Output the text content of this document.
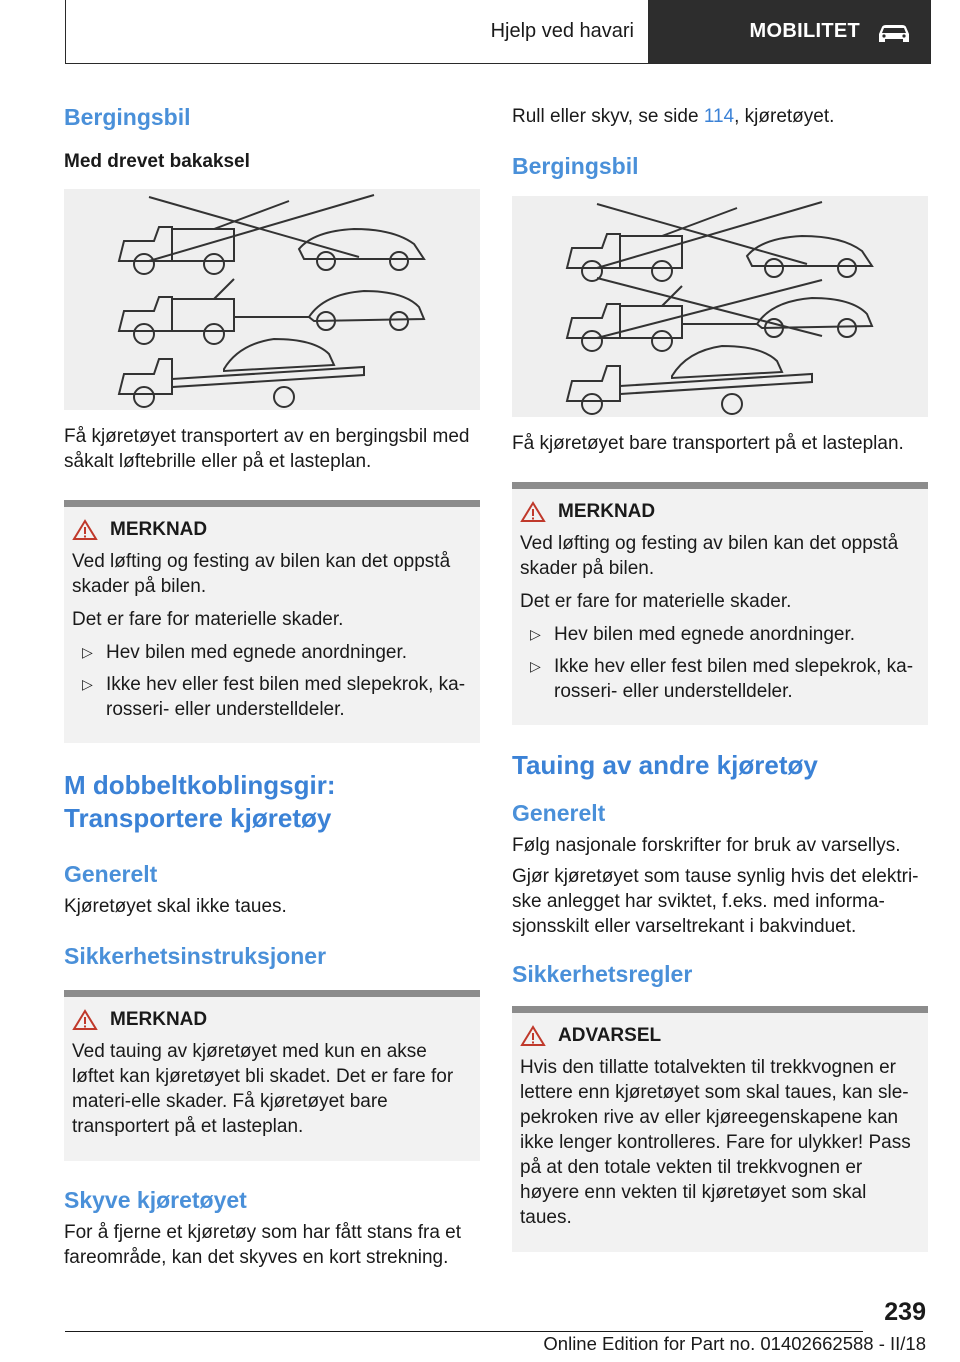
Hjelp ved havari	MOBILITET
Bergingsbil
Med drevet bakaksel

Få kjøretøyet transportert av en bergingsbil med såkalt løftebrille eller på et lasteplan.

MERKNAD

Ved løfting og festing av bilen kan det oppstå skader på bilen.

Det er fare for materielle skader.

▷ Hev bilen med egnede anordninger.
▷ Ikke hev eller fest bilen med slepekrok, ka-rosseri- eller understelldeler.
M dobbeltkoblingsgir: Transportere kjøretøy
Generelt

Kjøretøyet skal ikke taues.

Sikkerhetsinstruksjoner
MERKNAD

Ved tauing av kjøretøyet med kun en akse løftet kan kjøretøyet bli skadet. Det er fare for materi-elle skader. Få kjøretøyet bare transportert på et lasteplan.

Skyve kjøretøyet

For å fjerne et kjøretøy som har fått stans fra et fareområde, kan det skyves en kort strekning.

Rull eller skyv, se side 114, kjøretøyet.

Bergingsbil

Få kjøretøyet bare transportert på et lasteplan.

MERKNAD

Ved løfting og festing av bilen kan det oppstå skader på bilen.

Det er fare for materielle skader.

▷ Hev bilen med egnede anordninger.
▷ Ikke hev eller fest bilen med slepekrok, ka-rosseri- eller understelldeler.
Tauing av andre kjøretøy
Generelt

Følg nasjonale forskrifter for bruk av varsellys.

Gjør kjøretøyet som tause synlig hvis det elektri-ske anlegget har sviktet, f.eks. med informa-sjonsskilt eller varseltrekant i bakvinduet.

Sikkerhetsregler
ADVARSEL

Hvis den tillatte totalvekten til trekkvognen er lettere enn kjøretøyet som skal taues, kan sle-pekroken rive av eller kjøreegenskapene kan ikke lenger kontrolleres. Fare for ulykker! Pass på at den totale vekten til trekkvognen er høyere enn vekten til kjøretøyet som skal taues.

239
Online Edition for Part no. 01402662588 - II/18
